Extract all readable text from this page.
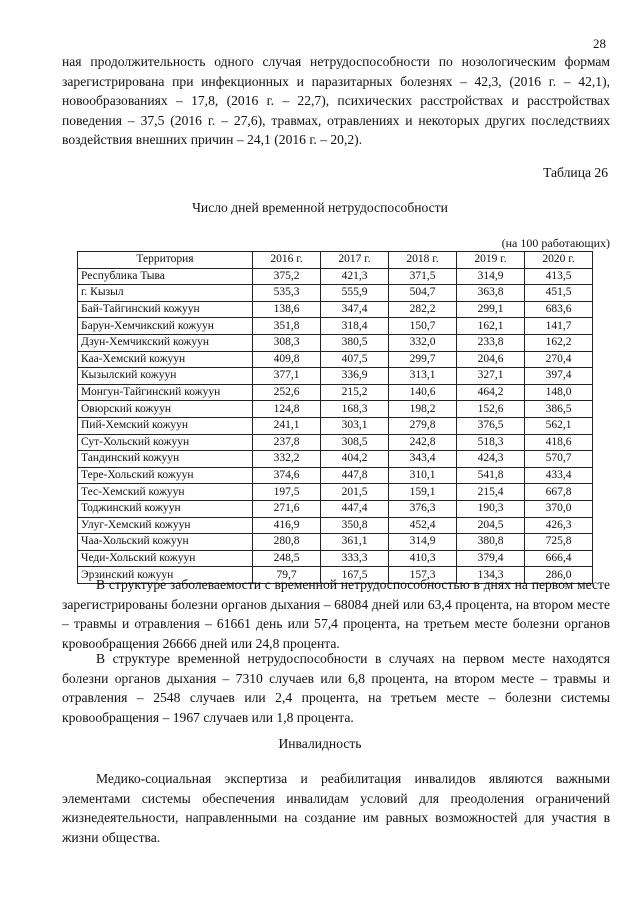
28

ная продолжительность одного случая нетрудоспособности по нозологическим формам зарегистрирована при инфекционных и паразитарных болезнях – 42,3, (2016 г. – 42,1), новообразованиях – 17,8, (2016 г. – 22,7), психических расстройствах и расстройствах поведения – 37,5 (2016 г. – 27,6), травмах, отравлениях и некоторых других последствиях воздействия внешних причин – 24,1 (2016 г. – 20,2).

Таблица 26
Число дней временной нетрудоспособности
(на 100 работающих)
Территория	2016 г.	2017 г.	2018 г.	2019 г.	2020 г.
Республика Тыва	375,2	421,3	371,5	314,9	413,5
г. Кызыл	535,3	555,9	504,7	363,8	451,5
Бай-Тайгинский кожуун	138,6	347,4	282,2	299,1	683,6
Барун-Хемчикский кожуун	351,8	318,4	150,7	162,1	141,7
Дзун-Хемчикский кожуун	308,3	380,5	332,0	233,8	162,2
Каа-Хемский кожуун	409,8	407,5	299,7	204,6	270,4
Кызылский кожуун	377,1	336,9	313,1	327,1	397,4
Монгун-Тайгинский кожуун	252,6	215,2	140,6	464,2	148,0
Овюрский кожуун	124,8	168,3	198,2	152,6	386,5
Пий-Хемский кожуун	241,1	303,1	279,8	376,5	562,1
Сут-Хольский кожуун	237,8	308,5	242,8	518,3	418,6
Тандинский кожуун	332,2	404,2	343,4	424,3	570,7
Тере-Хольский кожуун	374,6	447,8	310,1	541,8	433,4
Тес-Хемский кожуун	197,5	201,5	159,1	215,4	667,8
Тоджинский кожуун	271,6	447,4	376,3	190,3	370,0
Улуг-Хемский кожуун	416,9	350,8	452,4	204,5	426,3
Чаа-Хольский кожуун	280,8	361,1	314,9	380,8	725,8
Чеди-Хольский кожуун	248,5	333,3	410,3	379,4	666,4
Эрзинский кожуун	79,7	167,5	157,3	134,3	286,0

В структуре заболеваемости с временной нетрудоспособностью в днях на первом месте зарегистрированы болезни органов дыхания – 68084 дней или 63,4 процента, на втором месте – травмы и отравления – 61661 день или 57,4 процента, на третьем месте болезни органов кровообращения 26666 дней или 24,8 процента.

В структуре временной нетрудоспособности в случаях на первом месте находятся болезни органов дыхания – 7310 случаев или 6,8 процента, на втором месте – травмы и отравления – 2548 случаев или 2,4 процента, на третьем месте – болезни системы кровообращения – 1967 случаев или 1,8 процента.

Инвалидность

Медико-социальная экспертиза и реабилитация инвалидов являются важными элементами системы обеспечения инвалидам условий для преодоления ограничений жизнедеятельности, направленными на создание им равных возможностей для участия в жизни общества.
